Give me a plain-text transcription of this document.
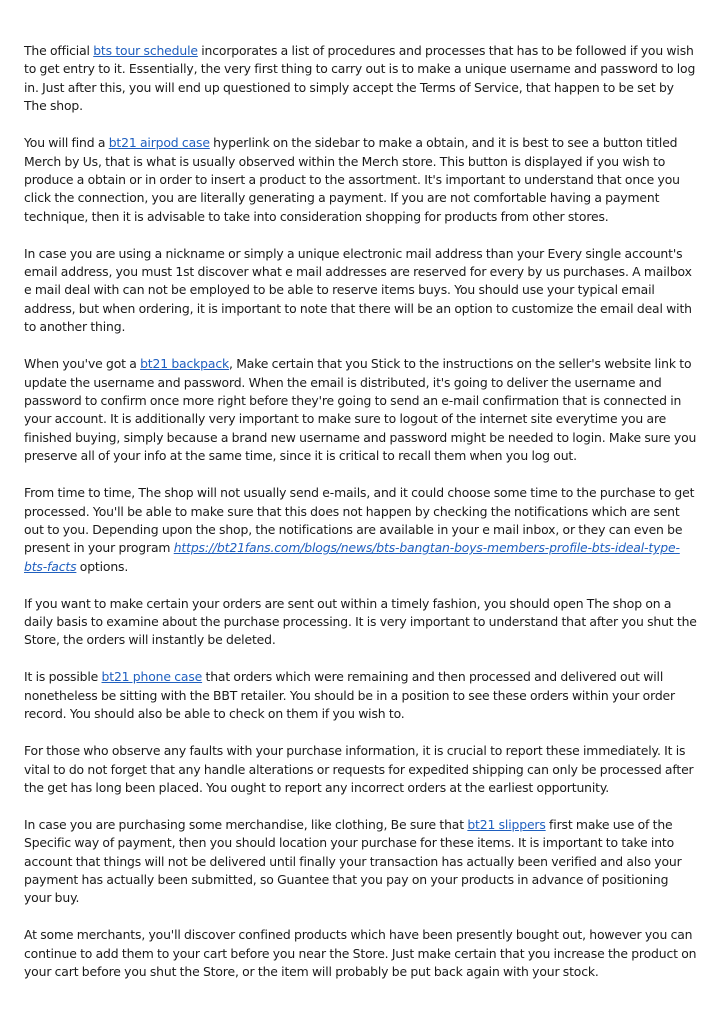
The official bts tour schedule incorporates a list of procedures and processes that has to be followed if you wish to get entry to it. Essentially, the very first thing to carry out is to make a unique username and password to log in. Just after this, you will end up questioned to simply accept the Terms of Service, that happen to be set by The shop.

You will find a bt21 airpod case hyperlink on the sidebar to make a obtain, and it is best to see a button titled Merch by Us, that is what is usually observed within the Merch store. This button is displayed if you wish to produce a obtain or in order to insert a product to the assortment. It's important to understand that once you click the connection, you are literally generating a payment. If you are not comfortable having a payment technique, then it is advisable to take into consideration shopping for products from other stores.

In case you are using a nickname or simply a unique electronic mail address than your Every single account's email address, you must 1st discover what e mail addresses are reserved for every by us purchases. A mailbox e mail deal with can not be employed to be able to reserve items buys. You should use your typical email address, but when ordering, it is important to note that there will be an option to customize the email deal with to another thing.

When you've got a bt21 backpack, Make certain that you Stick to the instructions on the seller's website link to update the username and password. When the email is distributed, it's going to deliver the username and password to confirm once more right before they're going to send an e-mail confirmation that is connected in your account. It is additionally very important to make sure to logout of the internet site everytime you are finished buying, simply because a brand new username and password might be needed to login. Make sure you preserve all of your info at the same time, since it is critical to recall them when you log out.

From time to time, The shop will not usually send e-mails, and it could choose some time to the purchase to get processed. You'll be able to make sure that this does not happen by checking the notifications which are sent out to you. Depending upon the shop, the notifications are available in your e mail inbox, or they can even be present in your program https://bt21fans.com/blogs/news/bts-bangtan-boys-members-profile-bts-ideal-type-bts-facts options.

If you want to make certain your orders are sent out within a timely fashion, you should open The shop on a daily basis to examine about the purchase processing. It is very important to understand that after you shut the Store, the orders will instantly be deleted.

It is possible bt21 phone case that orders which were remaining and then processed and delivered out will nonetheless be sitting with the BBT retailer. You should be in a position to see these orders within your order record. You should also be able to check on them if you wish to.

For those who observe any faults with your purchase information, it is crucial to report these immediately. It is vital to do not forget that any handle alterations or requests for expedited shipping can only be processed after the get has long been placed. You ought to report any incorrect orders at the earliest opportunity.

In case you are purchasing some merchandise, like clothing, Be sure that bt21 slippers first make use of the Specific way of payment, then you should location your purchase for these items. It is important to take into account that things will not be delivered until finally your transaction has actually been verified and also your payment has actually been submitted, so Guantee that you pay on your products in advance of positioning your buy.

At some merchants, you'll discover confined products which have been presently bought out, however you can continue to add them to your cart before you near the Store. Just make certain that you increase the product on your cart before you shut the Store, or the item will probably be put back again with your stock.
